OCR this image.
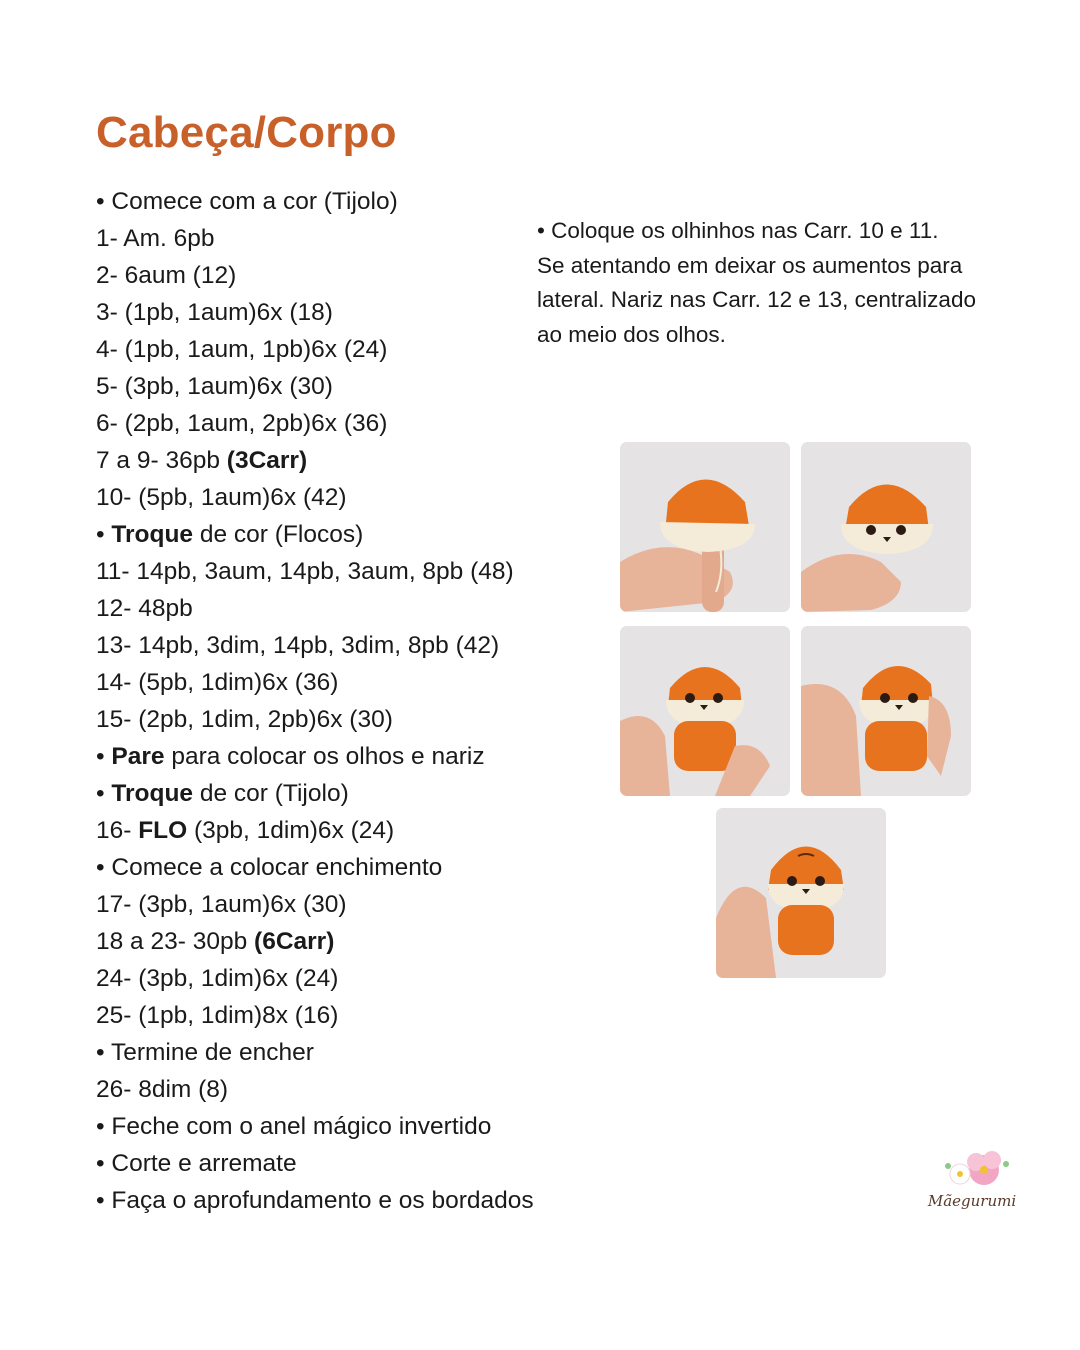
Cabeça/Corpo
• Comece com a cor (Tijolo)
1- Am. 6pb
2- 6aum (12)
3- (1pb, 1aum)6x (18)
4- (1pb, 1aum, 1pb)6x (24)
5- (3pb, 1aum)6x (30)
6- (2pb, 1aum, 2pb)6x (36)
7 a 9- 36pb (3Carr)
10- (5pb, 1aum)6x (42)
• Troque de cor (Flocos)
11- 14pb, 3aum, 14pb, 3aum, 8pb (48)
12- 48pb
13- 14pb, 3dim, 14pb, 3dim, 8pb (42)
14- (5pb, 1dim)6x (36)
15- (2pb, 1dim, 2pb)6x (30)
• Pare para colocar os olhos e nariz
• Troque de cor (Tijolo)
16- FLO (3pb, 1dim)6x (24)
• Comece a colocar enchimento
17- (3pb, 1aum)6x (30)
18 a 23- 30pb (6Carr)
24- (3pb, 1dim)6x (24)
25- (1pb, 1dim)8x (16)
• Termine de encher
26- 8dim (8)
• Feche com o anel mágico invertido
• Corte e arremate
• Faça o aprofundamento e os bordados

• Coloque os olhinhos nas Carr. 10 e 11.

Se atentando em deixar os aumentos para

lateral. Nariz nas Carr. 12 e 13, centralizado

ao meio dos olhos.

Mãegurumi
